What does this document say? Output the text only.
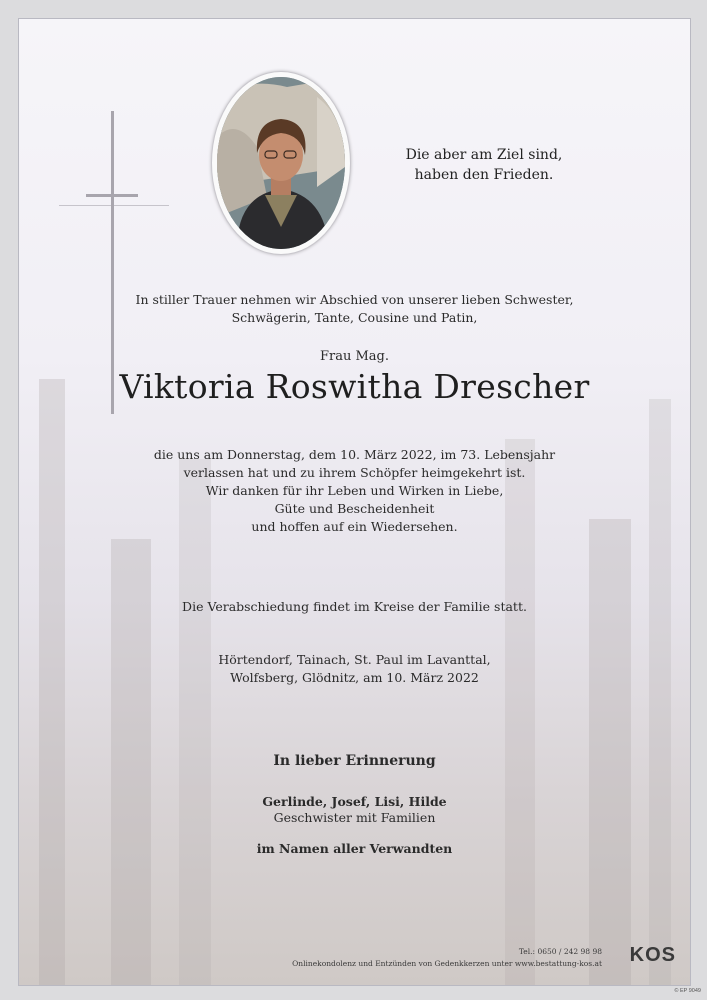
Die aber am Ziel sind,
haben den Frieden.

In stiller Trauer nehmen wir Abschied von unserer lieben Schwester,
Schwägerin, Tante, Cousine und Patin,

Frau Mag.

Viktoria Roswitha Drescher

die uns am Donnerstag, dem 10. März 2022, im 73. Lebensjahr
verlassen hat und zu ihrem Schöpfer heimgekehrt ist.
Wir danken für ihr Leben und Wirken in Liebe,
Güte und Bescheidenheit
und hoffen auf ein Wiedersehen.

Die Verabschiedung findet im Kreise der Familie statt.

Hörtendorf, Tainach, St. Paul im Lavanttal,
Wolfsberg, Glödnitz, am 10. März 2022

In lieber Erinnerung

Gerlinde, Josef, Lisi, Hilde

Geschwister mit Familien

im Namen aller Verwandten

Tel.: 0650 / 242 98 98

Onlinekondolenz und Entzünden von Gedenkkerzen unter www.bestattung-kos.at KOS
© EP 9049
